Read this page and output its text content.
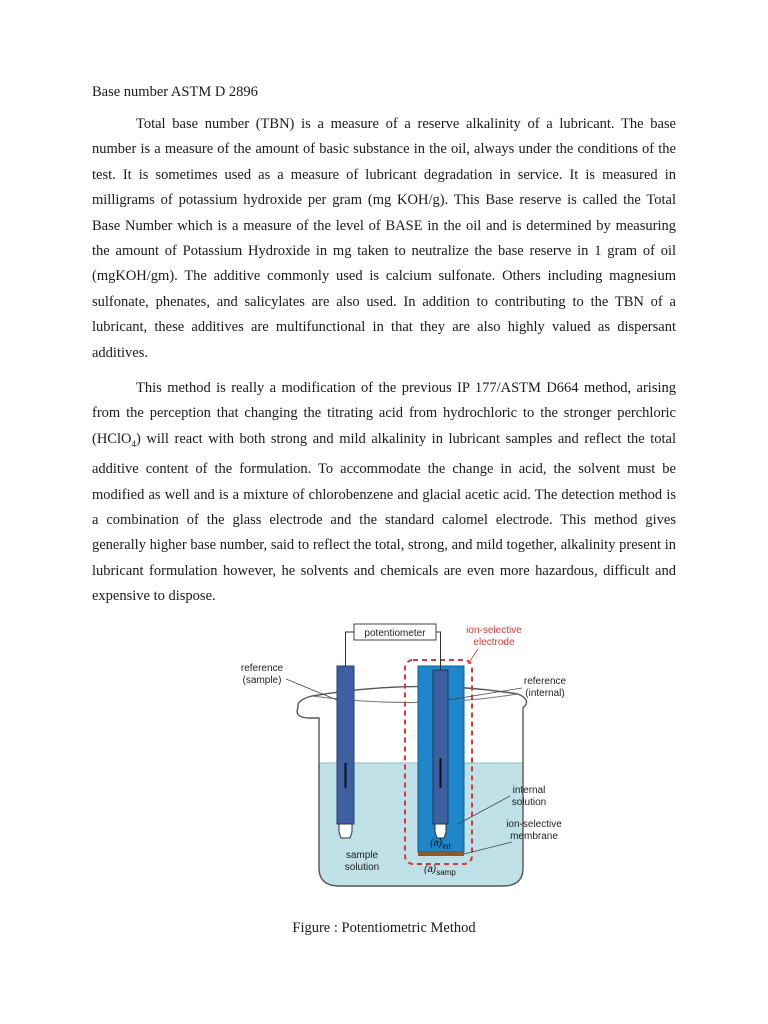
Base number ASTM D 2896

Total base number (TBN) is a measure of a reserve alkalinity of a lubricant. The base number is a measure of the amount of basic substance in the oil, always under the conditions of the test. It is sometimes used as a measure of lubricant degradation in service. It is measured in milligrams of potassium hydroxide per gram (mg KOH/g). This Base reserve is called the Total Base Number which is a measure of the level of BASE in the oil and is determined by measuring the amount of Potassium Hydroxide in mg taken to neutralize the base reserve in 1 gram of oil (mgKOH/gm). The additive commonly used is calcium sulfonate. Others including magnesium sulfonate, phenates, and salicylates are also used. In addition to contributing to the TBN of a lubricant, these additives are multifunctional in that they are also highly valued as dispersant additives.

This method is really a modification of the previous IP 177/ASTM D664 method, arising from the perception that changing the titrating acid from hydrochloric to the stronger perchloric (HClO$_4$) will react with both strong and mild alkalinity in lubricant samples and reflect the total additive content of the formulation. To accommodate the change in acid, the solvent must be modified as well and is a mixture of chlorobenzene and glacial acetic acid. The detection method is a combination of the glass electrode and the standard calomel electrode. This method gives generally higher base number, said to reflect the total, strong, and mild together, alkalinity present in lubricant formulation however, he solvents and chemicals are even more hazardous, difficult and expensive to dispose.

potentiometer	ion-selective
electrode
reference
(sample)	reference
(internal)
internal
solution
ion-selective
membrane
sample
solution
$(a)_{int}$
$(a)_{samp}$
Figure : Potentiometric Method
